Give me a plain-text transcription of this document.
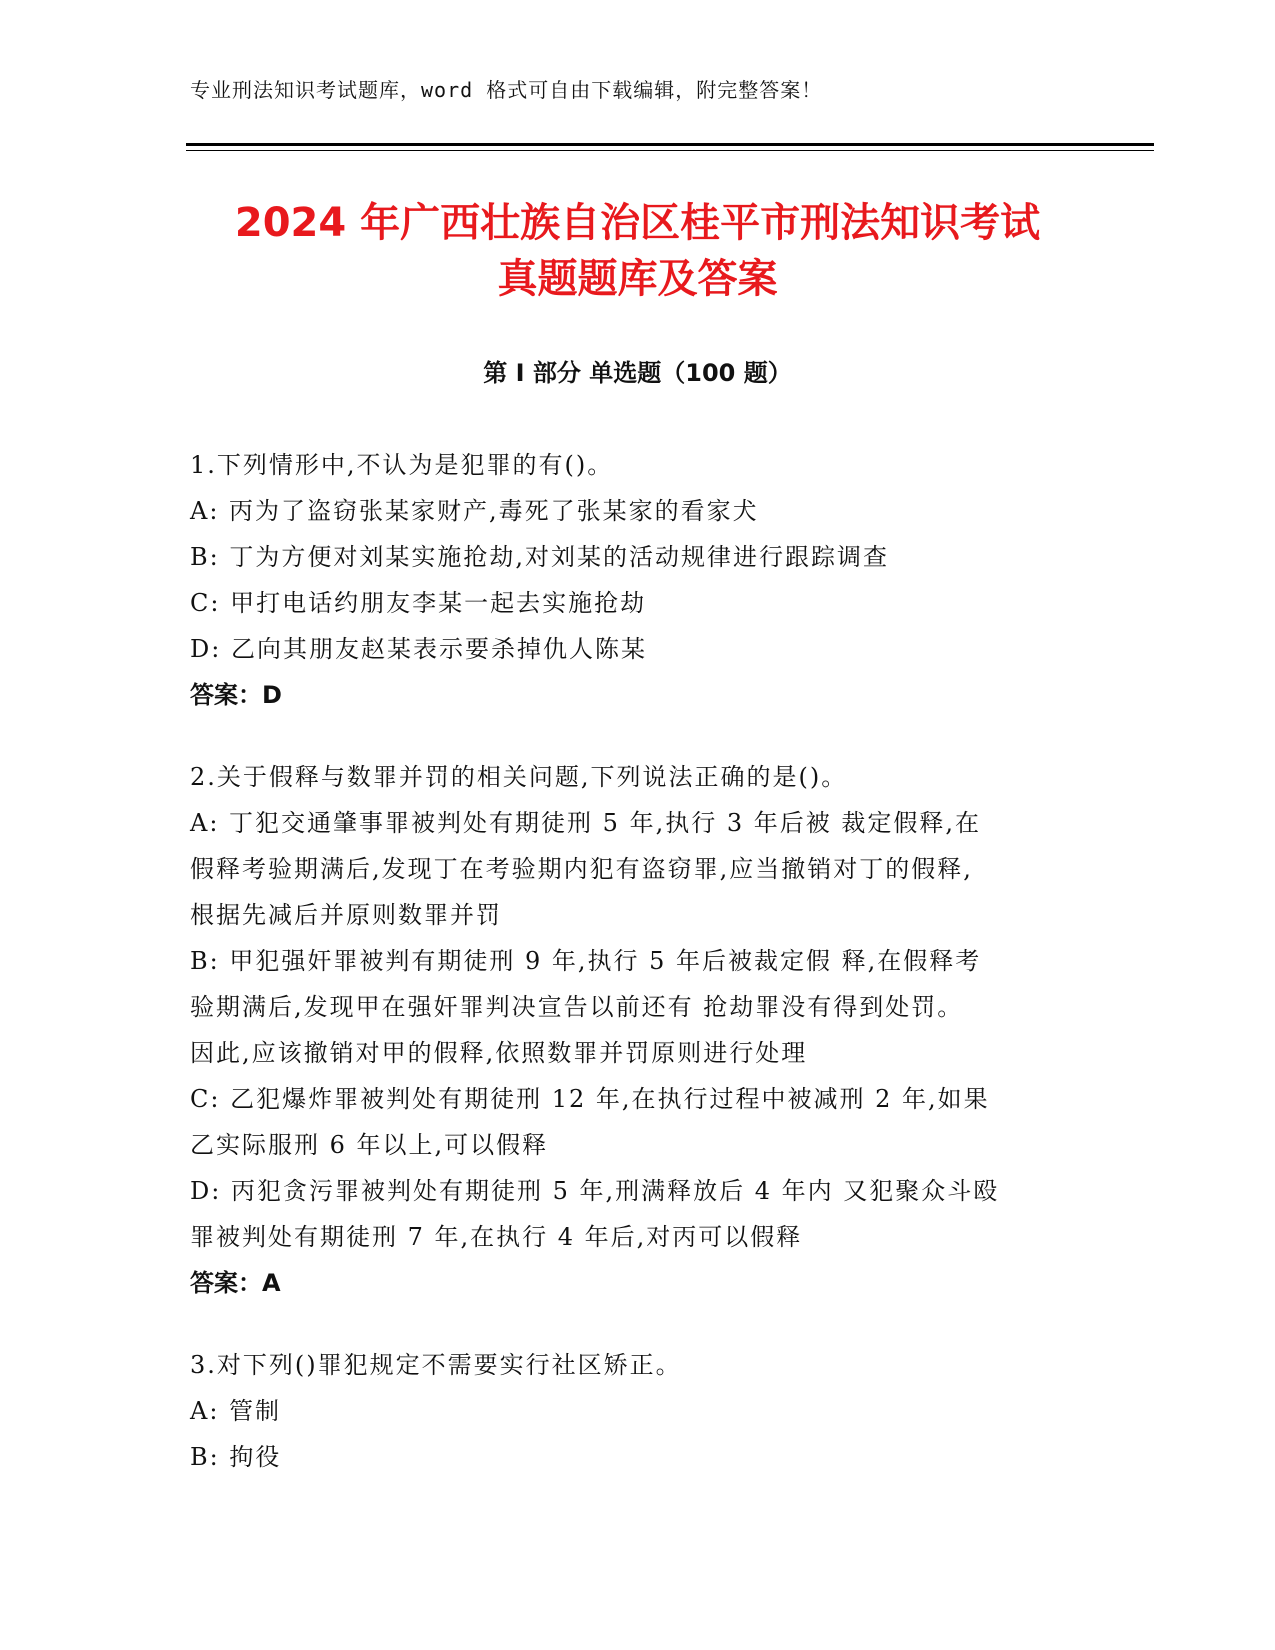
专业刑法知识考试题库，word 格式可自由下载编辑，附完整答案！
2024 年广西壮族自治区桂平市刑法知识考试
真题题库及答案
第 I 部分 单选题（100 题）
1.下列情形中,不认为是犯罪的有()。
A: 丙为了盗窃张某家财产,毒死了张某家的看家犬
B: 丁为方便对刘某实施抢劫,对刘某的活动规律进行跟踪调查
C: 甲打电话约朋友李某一起去实施抢劫
D: 乙向其朋友赵某表示要杀掉仇人陈某
答案：D
2.关于假释与数罪并罚的相关问题,下列说法正确的是()。
A: 丁犯交通肇事罪被判处有期徒刑 5 年,执行 3 年后被 裁定假释,在
假释考验期满后,发现丁在考验期内犯有盗窃罪,应当撤销对丁的假释,
根据先减后并原则数罪并罚
B: 甲犯强奸罪被判有期徒刑 9 年,执行 5 年后被裁定假 释,在假释考
验期满后,发现甲在强奸罪判决宣告以前还有 抢劫罪没有得到处罚。
因此,应该撤销对甲的假释,依照数罪并罚原则进行处理
C: 乙犯爆炸罪被判处有期徒刑 12 年,在执行过程中被减刑 2 年,如果
乙实际服刑 6 年以上,可以假释
D: 丙犯贪污罪被判处有期徒刑 5 年,刑满释放后 4 年内 又犯聚众斗殴
罪被判处有期徒刑 7 年,在执行 4 年后,对丙可以假释
答案：A
3.对下列()罪犯规定不需要实行社区矫正。
A: 管制
B: 拘役
